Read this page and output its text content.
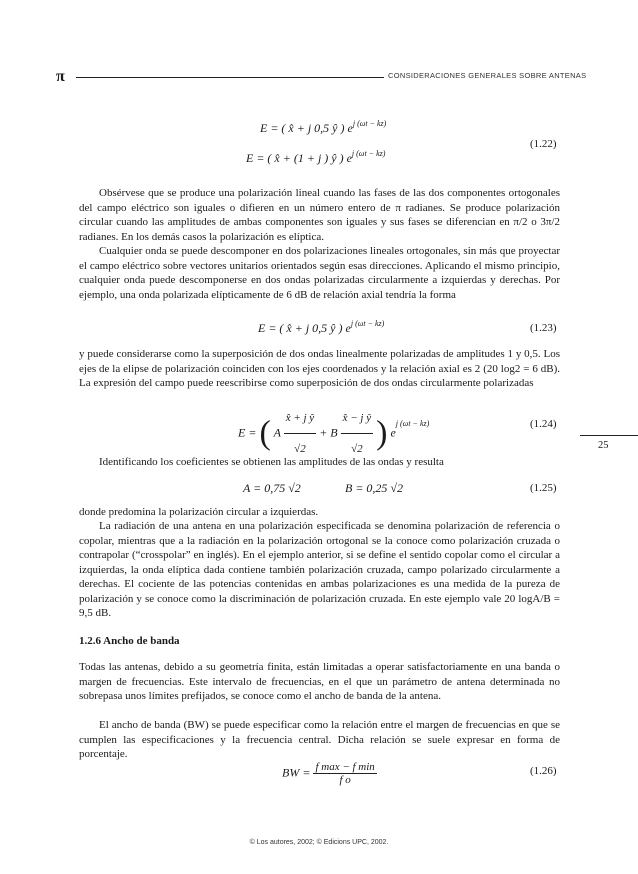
π	CONSIDERACIONES GENERALES SOBRE ANTENAS
E = ( x̂ + j 0,5 ŷ ) $e^{j (\omega t - kz)}$
E = ( x̂ + (1 + j ) ŷ ) $e^{j (\omega t - kz)}$
(1.22)
Obsérvese que se produce una polarización lineal cuando las fases de las dos componentes ortogonales del campo eléctrico son iguales o difieren en un número entero de π radianes. Se produce polarización circular cuando las amplitudes de ambas componentes son iguales y sus fases se diferencian en π/2 o 3π/2 radianes. En los demás casos la polarización es elíptica.
Cualquier onda se puede descomponer en dos polarizaciones lineales ortogonales, sin más que proyectar el campo eléctrico sobre vectores unitarios orientados según esas direcciones. Aplicando el mismo principio, cualquier onda puede descomponerse en dos ondas polarizadas circularmente a izquierdas y derechas. Por ejemplo, una onda polarizada elípticamente de 6 dB de relación axial tendría la forma
E = ( x̂ + j 0,5 ŷ ) $e^{j (\omega t - kz)}$	(1.23)
y puede considerarse como la superposición de dos ondas linealmente polarizadas de amplitudes 1 y 0,5. Los ejes de la elipse de polarización coinciden con los ejes coordenados y la relación axial es 2 (20 log2 = 6 dB). La expresión del campo puede reescribirse como superposición de dos ondas circularmente polarizadas
E = ( A $\frac{\text{x̂ + j ŷ}}{√2} + B \frac{\text{x̂ − j ŷ}}{√2}$ ) $e^{j (\omega t - kz)}$	(1.24)
25
Identificando los coeficientes se obtienen las amplitudes de las ondas y resulta
A = 0,75 √2	B = 0,25 √2	(1.25)
donde predomina la polarización circular a izquierdas.
La radiación de una antena en una polarización especificada se denomina polarización de referencia o copolar, mientras que a la radiación en la polarización ortogonal se la conoce como polarización cruzada o contrapolar (“crosspolar” en inglés). En el ejemplo anterior, si se define el sentido copolar como el circular a izquierdas, la onda elíptica dada contiene también polarización cruzada, campo polarizado circularmente a derechas. El cociente de las potencias contenidas en ambas polarizaciones es una medida de la pureza de polarización y se conoce como la discriminación de polarización cruzada. En este ejemplo vale 20 logA/B = 9,5 dB.
1.2.6 Ancho de banda
Todas las antenas, debido a su geometría finita, están limitadas a operar satisfactoriamente en una banda o margen de frecuencias. Este intervalo de frecuencias, en el que un parámetro de antena determinada no sobrepasa unos límites prefijados, se conoce como el ancho de banda de la antena.
El ancho de banda (BW) se puede especificar como la relación entre el margen de frecuencias en que se cumplen las especificaciones y la frecuencia central. Dicha relación se suele expresar en forma de porcentaje.
BW = $\frac{\text{f max − f min}}{\text{f o}}$	(1.26)
© Los autores, 2002; © Edicions UPC, 2002.
